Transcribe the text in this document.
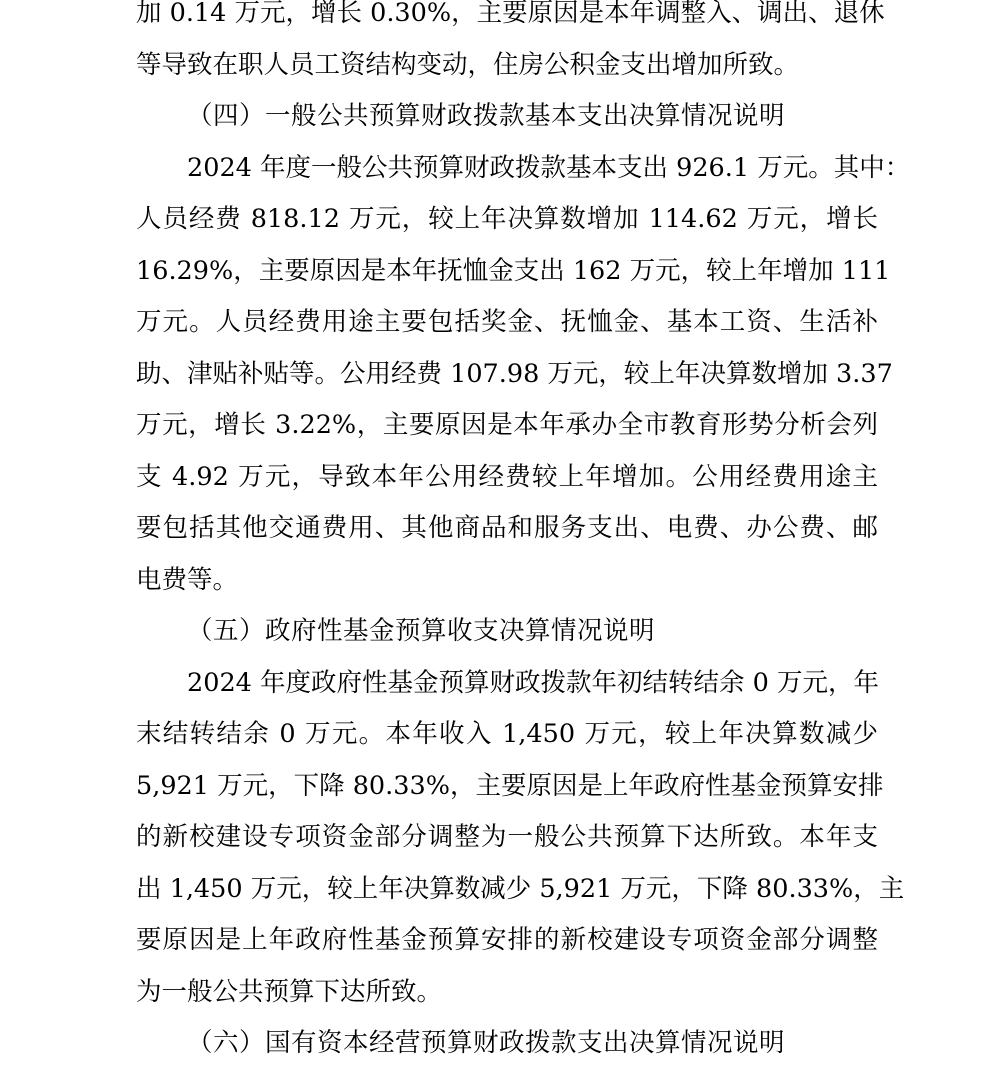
加 0.14 万元，增长 0.30%，主要原因是本年调整入、调出、退休
等导致在职人员工资结构变动，住房公积金支出增加所致。
（四）一般公共预算财政拨款基本支出决算情况说明
2024 年度一般公共预算财政拨款基本支出 926.1 万元。其中：
人员经费 818.12 万元，较上年决算数增加 114.62 万元，增长
16.29%，主要原因是本年抚恤金支出 162 万元，较上年增加 111
万元。人员经费用途主要包括奖金、抚恤金、基本工资、生活补
助、津贴补贴等。公用经费 107.98 万元，较上年决算数增加 3.37
万元，增长 3.22%，主要原因是本年承办全市教育形势分析会列
支 4.92 万元，导致本年公用经费较上年增加。公用经费用途主
要包括其他交通费用、其他商品和服务支出、电费、办公费、邮
电费等。
（五）政府性基金预算收支决算情况说明
2024 年度政府性基金预算财政拨款年初结转结余 0 万元，年
末结转结余 0 万元。本年收入 1,450 万元，较上年决算数减少
5,921 万元，下降 80.33%，主要原因是上年政府性基金预算安排
的新校建设专项资金部分调整为一般公共预算下达所致。本年支
出 1,450 万元，较上年决算数减少 5,921 万元，下降 80.33%，主
要原因是上年政府性基金预算安排的新校建设专项资金部分调整
为一般公共预算下达所致。
（六）国有资本经营预算财政拨款支出决算情况说明
